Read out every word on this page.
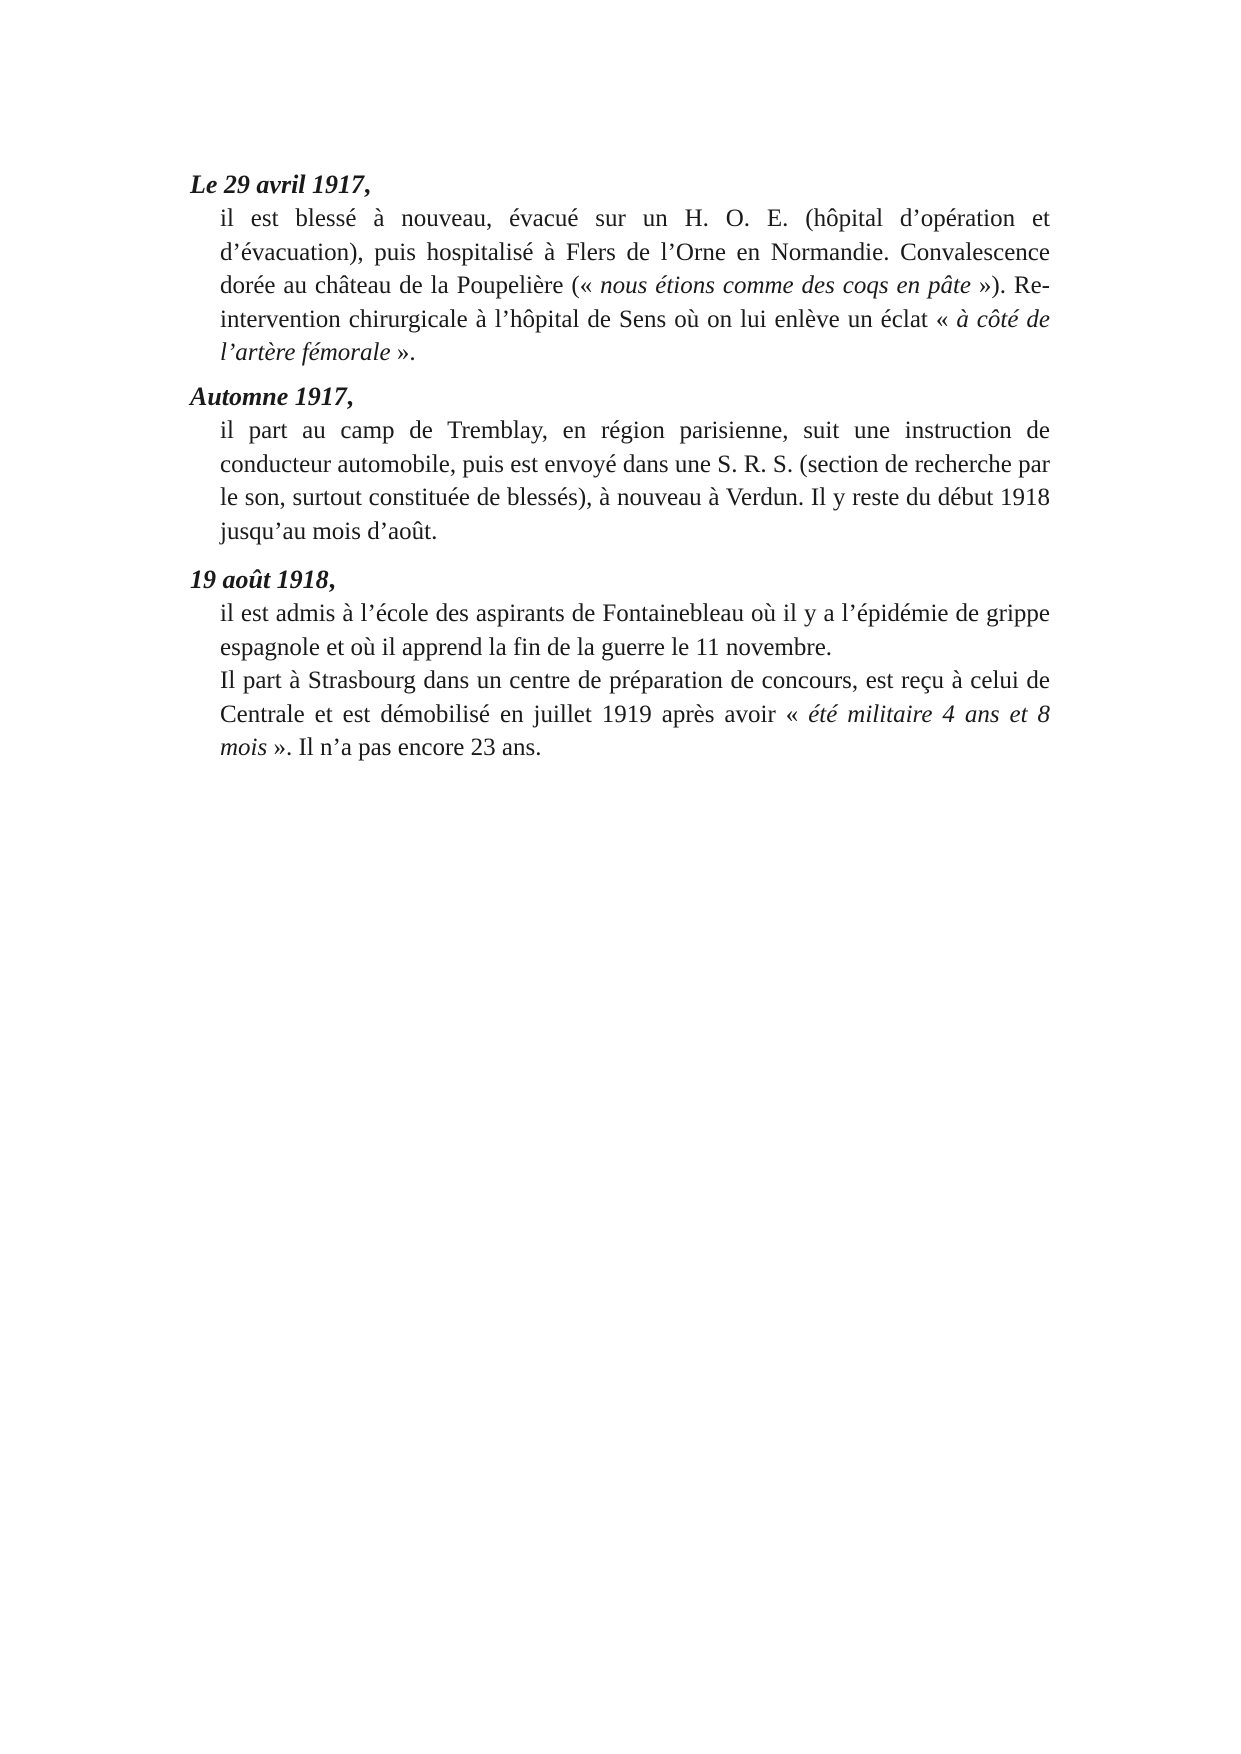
Le 29 avril 1917,

il est blessé à nouveau, évacué sur un H. O. E. (hôpital d’opération et d’évacuation), puis hospitalisé à Flers de l’Orne en Normandie. Convalescence dorée au château de la Poupelière (« nous étions comme des coqs en pâte »). Re-intervention chirurgicale à l’hôpital de Sens où on lui enlève un éclat « à côté de l’artère fémorale ».

Automne 1917,

il part au camp de Tremblay, en région parisienne, suit une instruction de conducteur automobile, puis est envoyé dans une S. R. S. (section de recherche par le son, surtout constituée de blessés), à nouveau à Verdun. Il y reste du début 1918 jusqu’au mois d’août.

19 août 1918,

il est admis à l’école des aspirants de Fontainebleau où il y a l’épidémie de grippe espagnole et où il apprend la fin de la guerre le 11 novembre.

Il part à Strasbourg dans un centre de préparation de concours, est reçu à celui de Centrale et est démobilisé en juillet 1919 après avoir « été militaire 4 ans et 8 mois ». Il n’a pas encore 23 ans.
